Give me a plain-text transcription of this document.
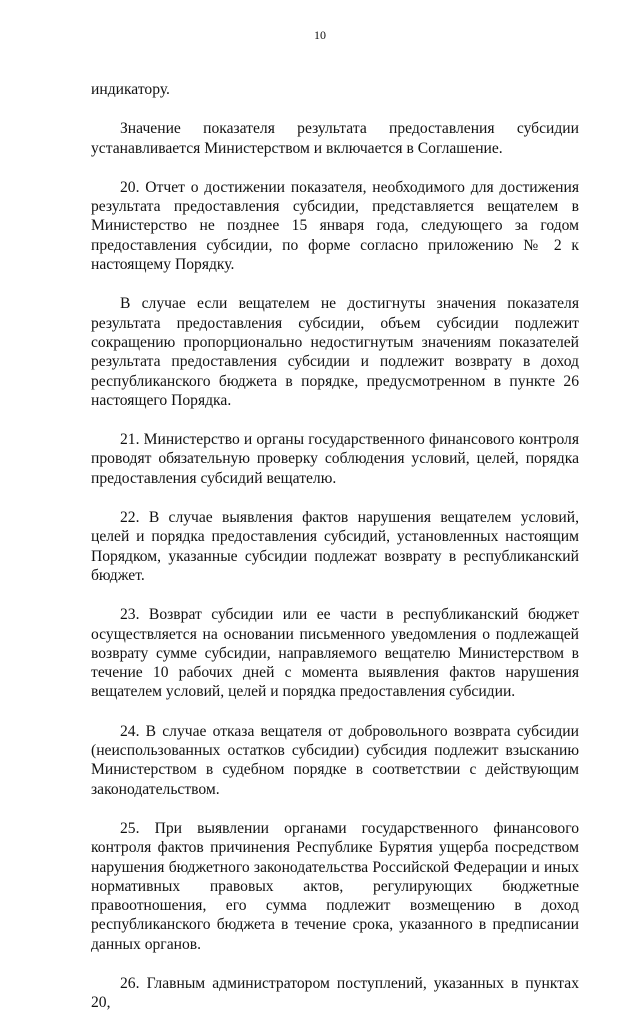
10

индикатору.

Значение показателя результата предоставления субсидии устанавливается Министерством и включается в Соглашение.

20. Отчет о достижении показателя, необходимого для достижения результата предоставления субсидии, представляется вещателем в Министерство не позднее 15 января года, следующего за годом предоставления субсидии, по форме согласно приложению № 2 к настоящему Порядку.

В случае если вещателем не достигнуты значения показателя результата предоставления субсидии, объем субсидии подлежит сокращению пропорционально недостигнутым значениям показателей результата предоставления субсидии и подлежит возврату в доход республиканского бюджета в порядке, предусмотренном в пункте 26 настоящего Порядка.

21. Министерство и органы государственного финансового контроля проводят обязательную проверку соблюдения условий, целей, порядка предоставления субсидий вещателю.

22. В случае выявления фактов нарушения вещателем условий, целей и порядка предоставления субсидий, установленных настоящим Порядком, указанные субсидии подлежат возврату в республиканский бюджет.

23. Возврат субсидии или ее части в республиканский бюджет осуществляется на основании письменного уведомления о подлежащей возврату сумме субсидии, направляемого вещателю Министерством в течение 10 рабочих дней с момента выявления фактов нарушения вещателем условий, целей и порядка предоставления субсидии.

24. В случае отказа вещателя от добровольного возврата субсидии (неиспользованных остатков субсидии) субсидия подлежит взысканию Министерством в судебном порядке в соответствии с действующим законодательством.

25. При выявлении органами государственного финансового контроля фактов причинения Республике Бурятия ущерба посредством нарушения бюджетного законодательства Российской Федерации и иных нормативных правовых актов, регулирующих бюджетные правоотношения, его сумма подлежит возмещению в доход республиканского бюджета в течение срока, указанного в предписании данных органов.

26. Главным администратором поступлений, указанных в пунктах 20,
